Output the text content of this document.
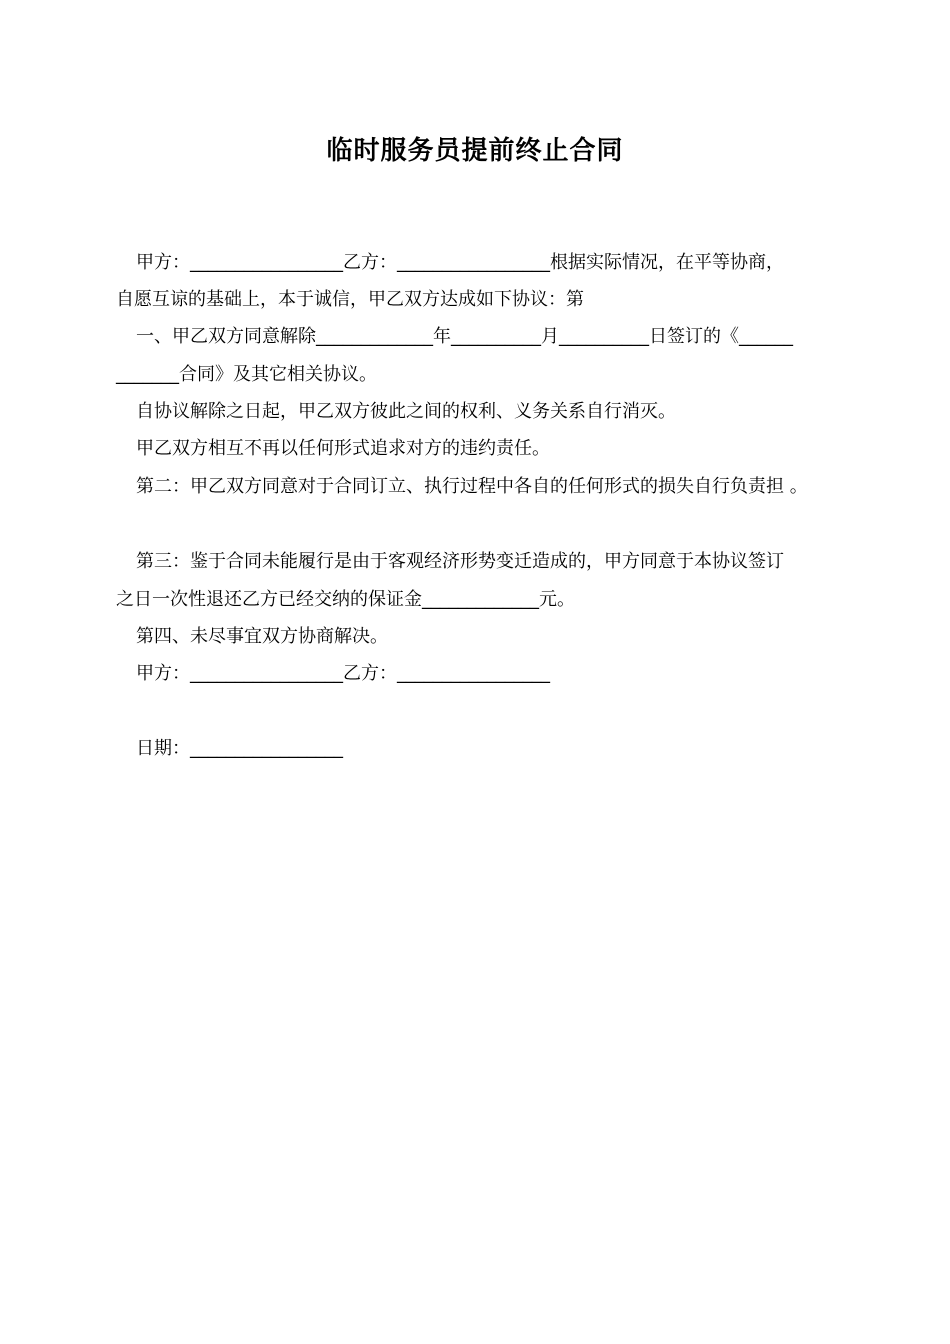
临时服务员提前终止合同
甲方：_________________乙方：_________________根据实际情况，在平等协商，
自愿互谅的基础上，本于诚信，甲乙双方达成如下协议：第
一、甲乙双方同意解除_____________年__________月__________日签订的《______
_______合同》及其它相关协议。
自协议解除之日起，甲乙双方彼此之间的权利、义务关系自行消灭。
甲乙双方相互不再以任何形式追求对方的违约责任。
第二：甲乙双方同意对于合同订立、执行过程中各自的任何形式的损失自行负责担 。
第三：鉴于合同未能履行是由于客观经济形势变迁造成的，甲方同意于本协议签订
之日一次性退还乙方已经交纳的保证金_____________元。
第四、未尽事宜双方协商解决。
甲方：_________________乙方：_________________
日期：_________________
